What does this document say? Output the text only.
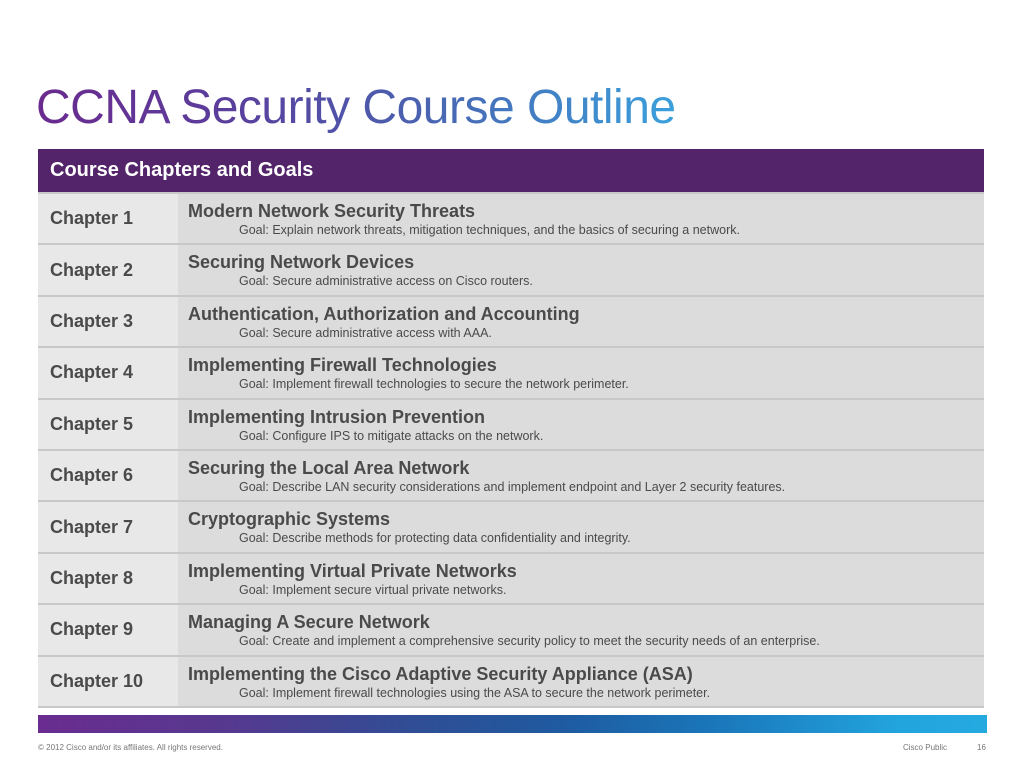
CCNA Security Course Outline
Course Chapters and Goals
Chapter 1	Modern Network Security Threats
Goal: Explain network threats, mitigation techniques, and the basics of securing a network.
Chapter 2	Securing Network Devices
Goal: Secure administrative access on Cisco routers.
Chapter 3	Authentication, Authorization and Accounting
Goal: Secure administrative access with AAA.
Chapter 4	Implementing Firewall Technologies
Goal: Implement firewall technologies to secure the network perimeter.
Chapter 5	Implementing Intrusion Prevention
Goal: Configure IPS to mitigate attacks on the network.
Chapter 6	Securing the Local Area Network
Goal: Describe LAN security considerations and implement endpoint and Layer 2 security features.
Chapter 7	Cryptographic Systems
Goal: Describe methods for protecting data confidentiality and integrity.
Chapter 8	Implementing Virtual Private Networks
Goal: Implement secure virtual private networks.
Chapter 9	Managing A Secure Network
Goal: Create and implement a comprehensive security policy to meet the security needs of an enterprise.
Chapter 10	Implementing the Cisco Adaptive Security Appliance (ASA)
Goal: Implement firewall technologies using the ASA to secure the network perimeter.
© 2012 Cisco and/or its affiliates. All rights reserved.	Cisco Public	16
